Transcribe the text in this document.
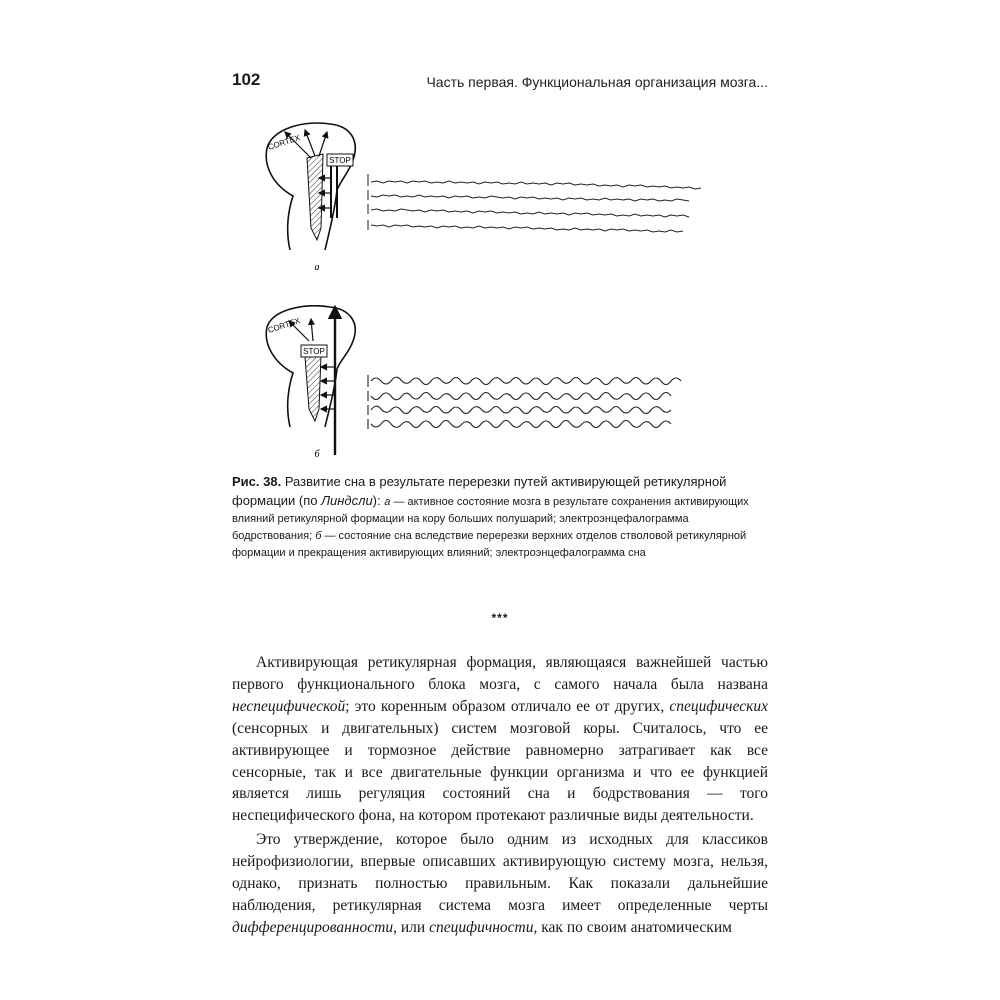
102	Часть первая. Функциональная организация мозга...
STOP
CORTEX
а
STOP
CORTEX
б
Рис. 38. Развитие сна в результате перерезки путей активирующей ретикулярной формации (по Линдсли): а — активное состояние мозга в результате сохранения активирующих влияний ретикулярной формации на кору больших полушарий; электроэнцефалограмма бодрствования; б — состояние сна вследствие перерезки верхних отделов стволовой ретикулярной формации и прекращения активирующих влияний; электроэнцефалограмма сна
***

Активирующая ретикулярная формация, являющаяся важнейшей частью первого функционального блока мозга, с самого начала была названа неспецифической; это коренным образом отличало ее от других, специфических (сенсорных и двигательных) систем мозговой коры. Считалось, что ее активирующее и тормозное действие равномерно затрагивает как все сенсорные, так и все двигательные функции организма и что ее функцией является лишь регуляция состояний сна и бодрствования — того неспецифического фона, на котором протекают различные виды деятельности.

Это утверждение, которое было одним из исходных для классиков нейрофизиологии, впервые описавших активирующую систему мозга, нельзя, однако, признать полностью правильным. Как показали дальнейшие наблюдения, ретикулярная система мозга имеет определенные черты дифференцированности, или специфичности, как по своим анатомическим
